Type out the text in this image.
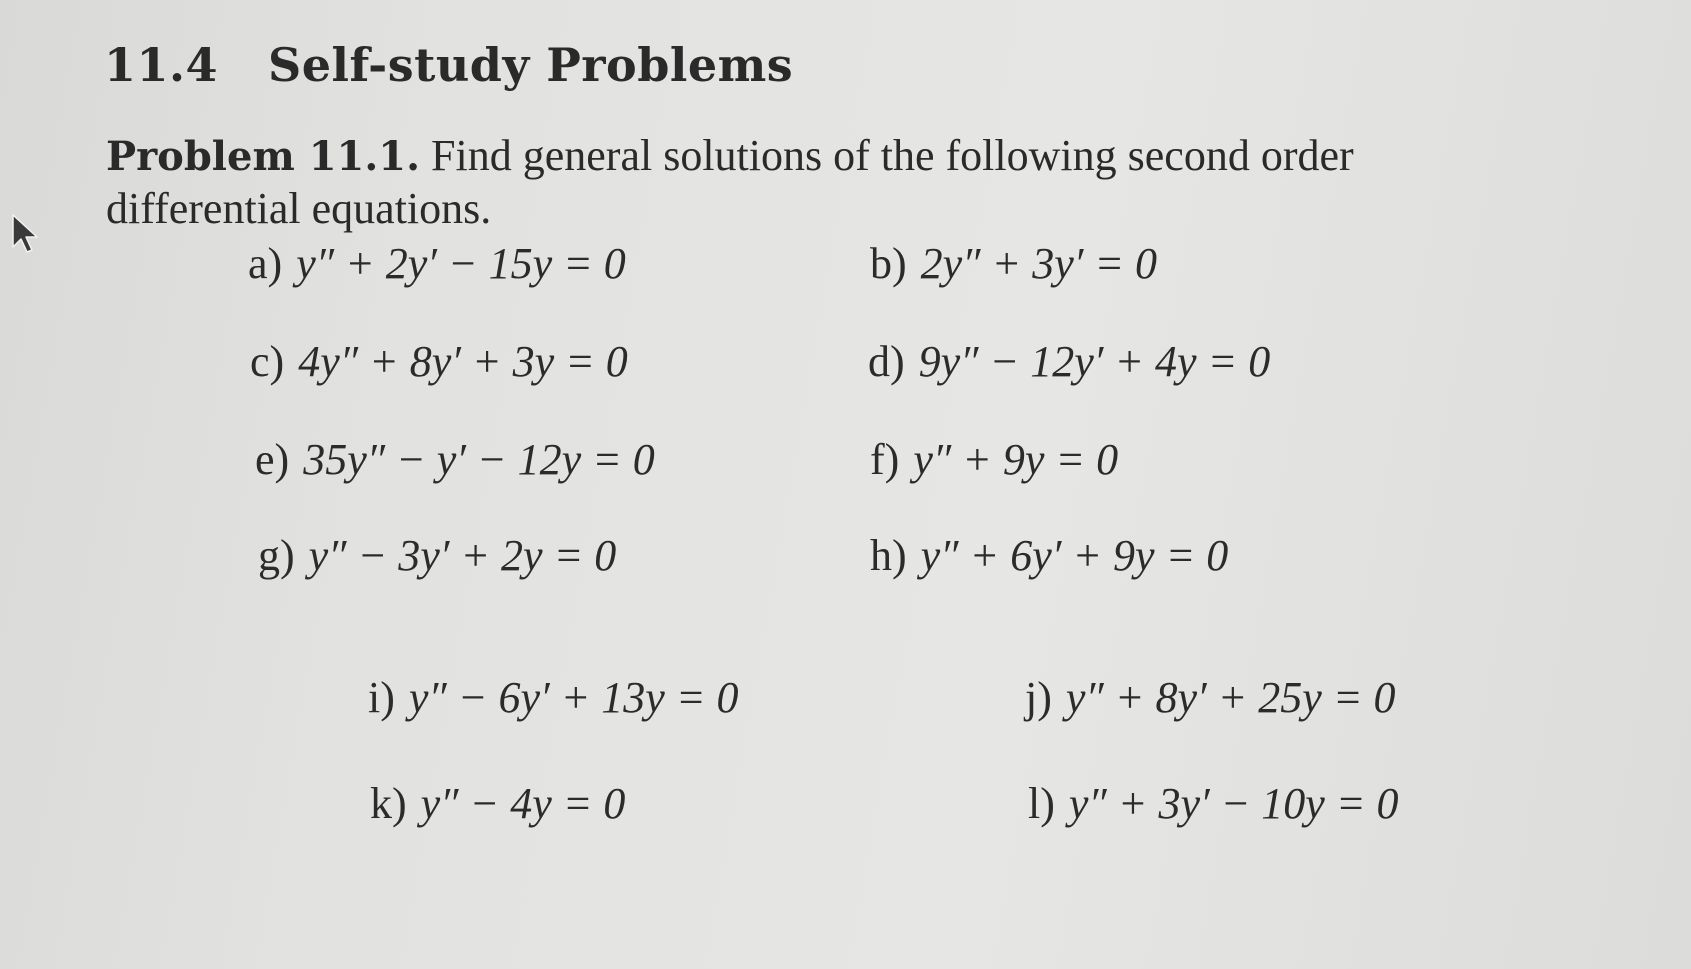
11.4 Self-study Problems
Problem 11.1. Find general solutions of the following second order differential equations.
a) y″ + 2y′ − 15y = 0	b) 2y″ + 3y′ = 0
c) 4y″ + 8y′ + 3y = 0	d) 9y″ − 12y′ + 4y = 0
e) 35y″ − y′ − 12y = 0	f) y″ + 9y = 0
g) y″ − 3y′ + 2y = 0	h) y″ + 6y′ + 9y = 0
i) y″ − 6y′ + 13y = 0	j) y″ + 8y′ + 25y = 0
k) y″ − 4y = 0	l) y″ + 3y′ − 10y = 0
